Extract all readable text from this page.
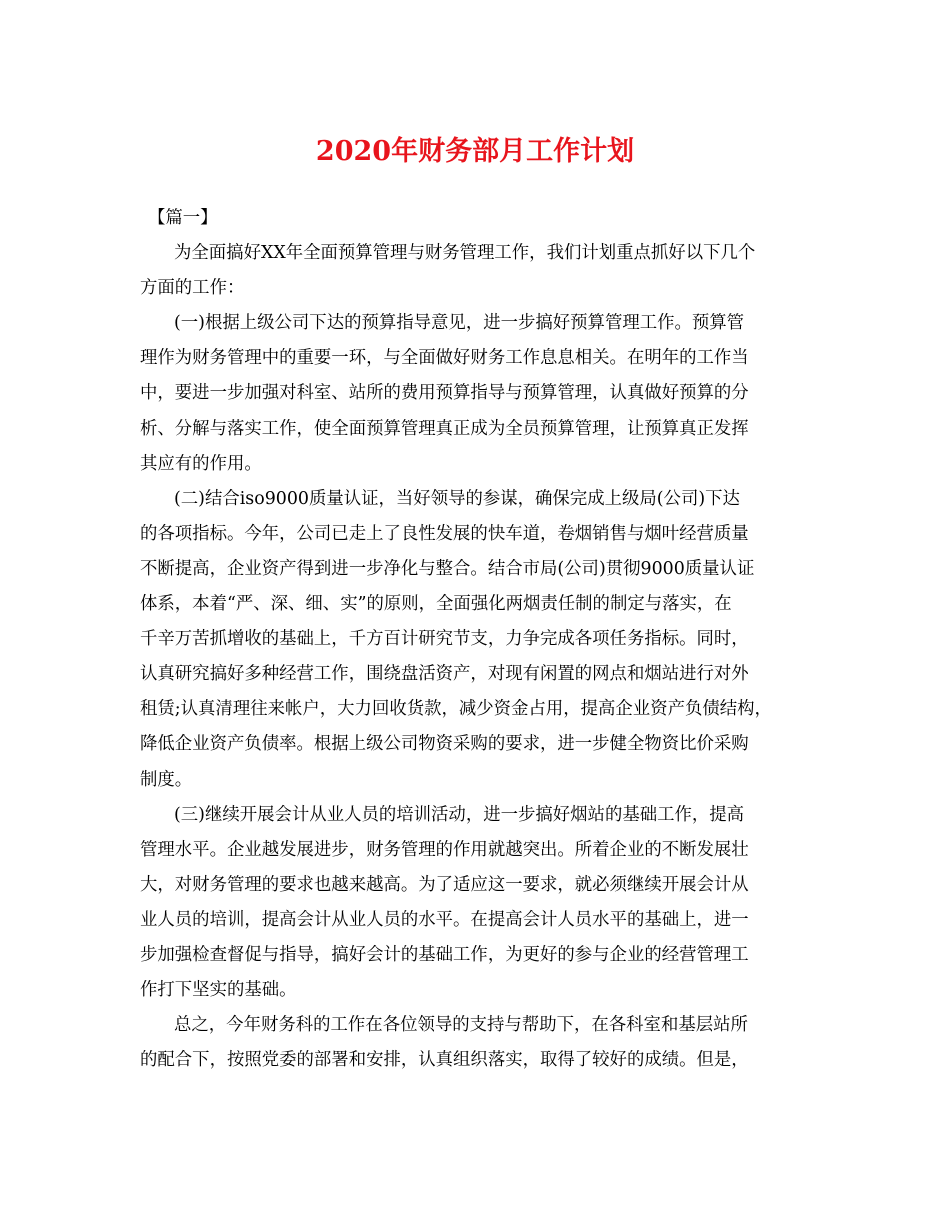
2020年财务部月工作计划
【篇一】
为全面搞好XX年全面预算管理与财务管理工作，我们计划重点抓好以下几个
方面的工作：
(一)根据上级公司下达的预算指导意见，进一步搞好预算管理工作。预算管
理作为财务管理中的重要一环，与全面做好财务工作息息相关。在明年的工作当
中，要进一步加强对科室、站所的费用预算指导与预算管理，认真做好预算的分
析、分解与落实工作，使全面预算管理真正成为全员预算管理，让预算真正发挥
其应有的作用。
(二)结合iso9000质量认证，当好领导的参谋，确保完成上级局(公司)下达
的各项指标。今年，公司已走上了良性发展的快车道，卷烟销售与烟叶经营质量
不断提高，企业资产得到进一步净化与整合。结合市局(公司)贯彻9000质量认证
体系，本着“严、深、细、实”的原则，全面强化两烟责任制的制定与落实，在
千辛万苦抓增收的基础上，千方百计研究节支，力争完成各项任务指标。同时，
认真研究搞好多种经营工作，围绕盘活资产，对现有闲置的网点和烟站进行对外
租赁;认真清理往来帐户，大力回收货款，减少资金占用，提高企业资产负债结构，
降低企业资产负债率。根据上级公司物资采购的要求，进一步健全物资比价采购
制度。
(三)继续开展会计从业人员的培训活动，进一步搞好烟站的基础工作，提高
管理水平。企业越发展进步，财务管理的作用就越突出。所着企业的不断发展壮
大，对财务管理的要求也越来越高。为了适应这一要求，就必须继续开展会计从
业人员的培训，提高会计从业人员的水平。在提高会计人员水平的基础上，进一
步加强检查督促与指导，搞好会计的基础工作，为更好的参与企业的经营管理工
作打下坚实的基础。
总之，今年财务科的工作在各位领导的支持与帮助下，在各科室和基层站所
的配合下，按照党委的部署和安排，认真组织落实，取得了较好的成绩。但是，
